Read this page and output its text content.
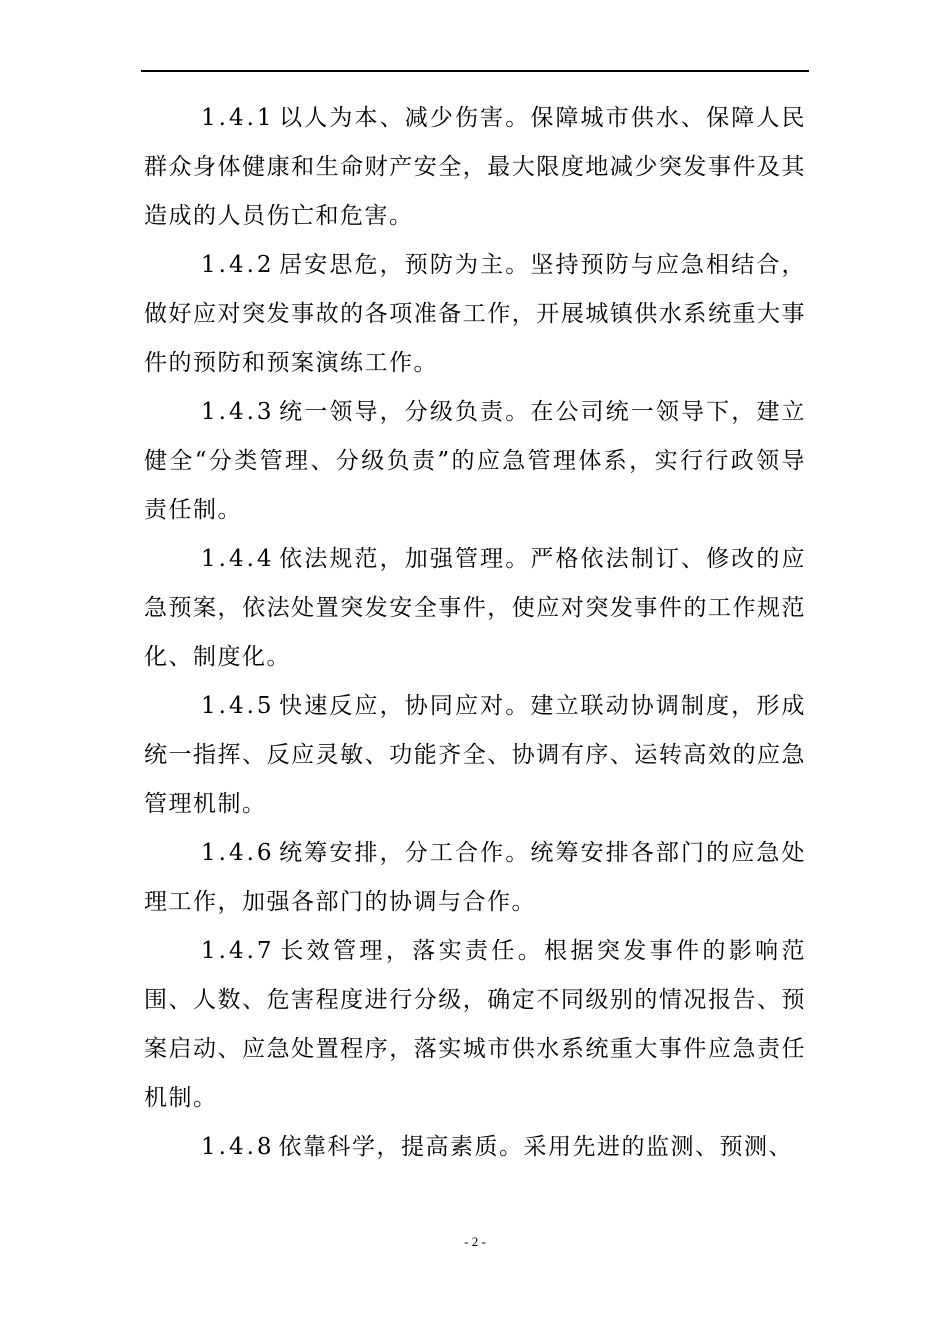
1.4.1 以人为本、减少伤害。保障城市供水、保障人民群众身体健康和生命财产安全，最大限度地减少突发事件及其造成的人员伤亡和危害。

1.4.2 居安思危，预防为主。坚持预防与应急相结合，做好应对突发事故的各项准备工作，开展城镇供水系统重大事件的预防和预案演练工作。

1.4.3 统一领导，分级负责。在公司统一领导下，建立健全“分类管理、分级负责”的应急管理体系，实行行政领导责任制。

1.4.4 依法规范，加强管理。严格依法制订、修改的应急预案，依法处置突发安全事件，使应对突发事件的工作规范化、制度化。

1.4.5 快速反应，协同应对。建立联动协调制度，形成统一指挥、反应灵敏、功能齐全、协调有序、运转高效的应急管理机制。

1.4.6 统筹安排，分工合作。统筹安排各部门的应急处理工作，加强各部门的协调与合作。

1.4.7 长效管理，落实责任。根据突发事件的影响范围、人数、危害程度进行分级，确定不同级别的情况报告、预案启动、应急处置程序，落实城市供水系统重大事件应急责任机制。

1.4.8 依靠科学，提高素质。采用先进的监测、预测、

- 2 -
